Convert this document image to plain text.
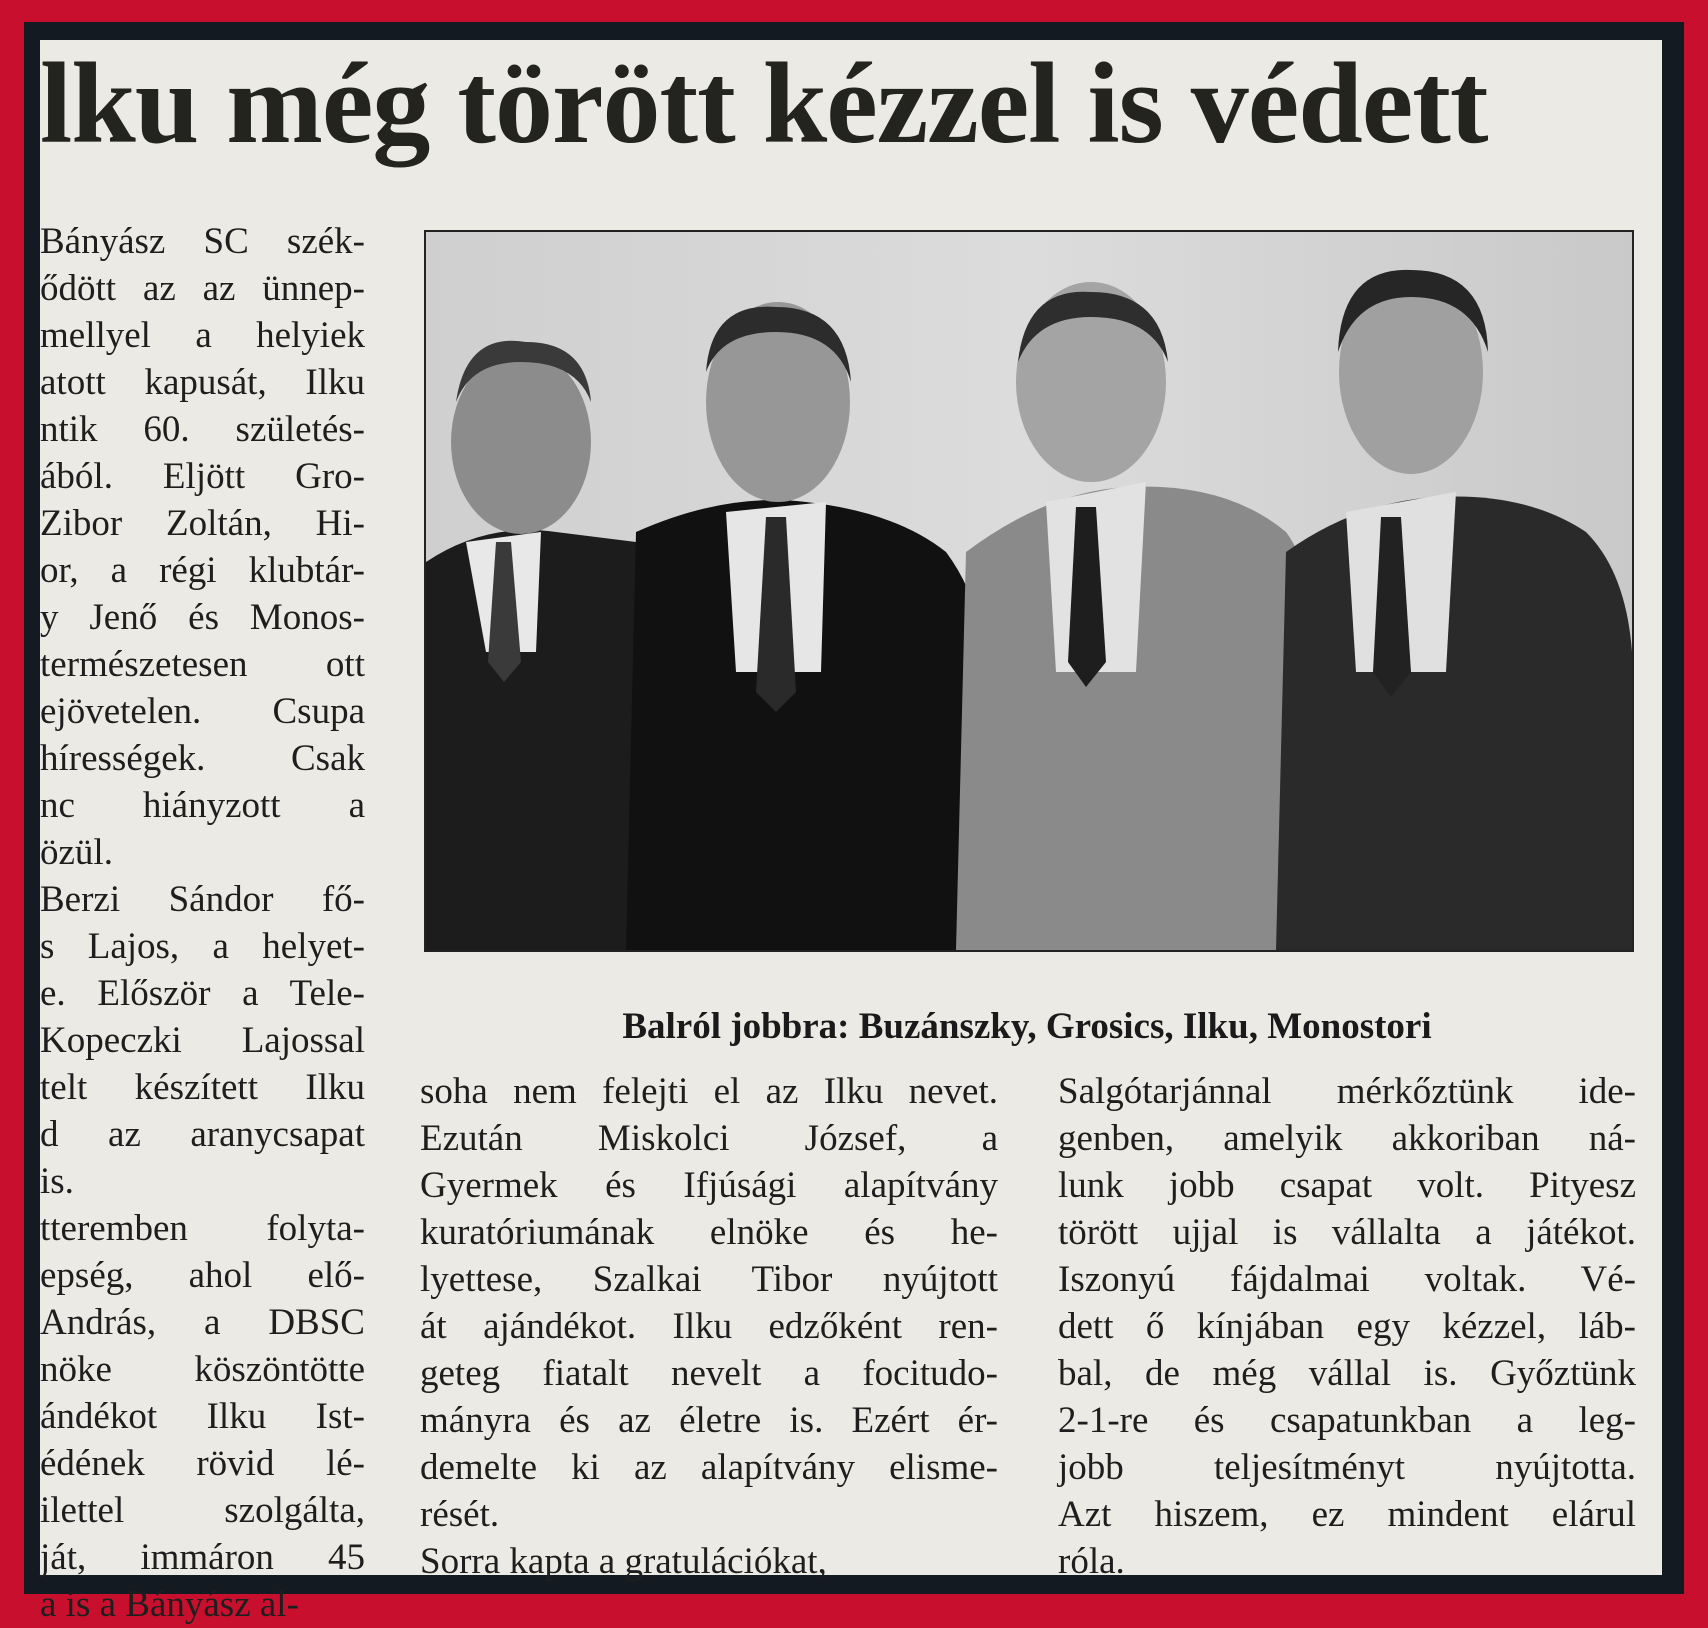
lku még törött kézzel is védett

Bányász SC szék-

ődött az az ünnep-

mellyel a helyiek

atott kapusát, Ilku

ntik 60. születés-

ából. Eljött Gro-

Zibor Zoltán, Hi-

or, a régi klubtár-

y Jenő és Monos-

természetesen ott

ejövetelen. Csupa

hírességek. Csak

nc hiányzott a

özül.

Berzi Sándor fő-

s Lajos, a helyet-

e. Először a Tele-

Kopeczki Lajossal

telt készített Ilku

d az aranycsapat

is.

tteremben folyta-

epség, ahol elő-

András, a DBSC

nöke köszöntötte

ándékot Ilku Ist-

édének rövid lé-

ilettel szolgálta,

ját, immáron 45

a is a Bányász al-

Balról jobbra: Buzánszky, Grosics, Ilku, Monostori

soha nem felejti el az Ilku nevet.

Ezután Miskolci József, a

Gyermek és Ifjúsági alapítvány

kuratóriumának elnöke és he-

lyettese, Szalkai Tibor nyújtott

át ajándékot. Ilku edzőként ren-

geteg fiatalt nevelt a focitudo-

mányra és az életre is. Ezért ér-

demelte ki az alapítvány elisme-

rését.

Sorra kapta a gratulációkat,

Salgótarjánnal mérkőztünk ide-

genben, amelyik akkoriban ná-

lunk jobb csapat volt. Pityesz

törött ujjal is vállalta a játékot.

Iszonyú fájdalmai voltak. Vé-

dett ő kínjában egy kézzel, láb-

bal, de még vállal is. Győztünk

2-1-re és csapatunkban a leg-

jobb teljesítményt nyújtotta.

Azt hiszem, ez mindent elárul

róla.
